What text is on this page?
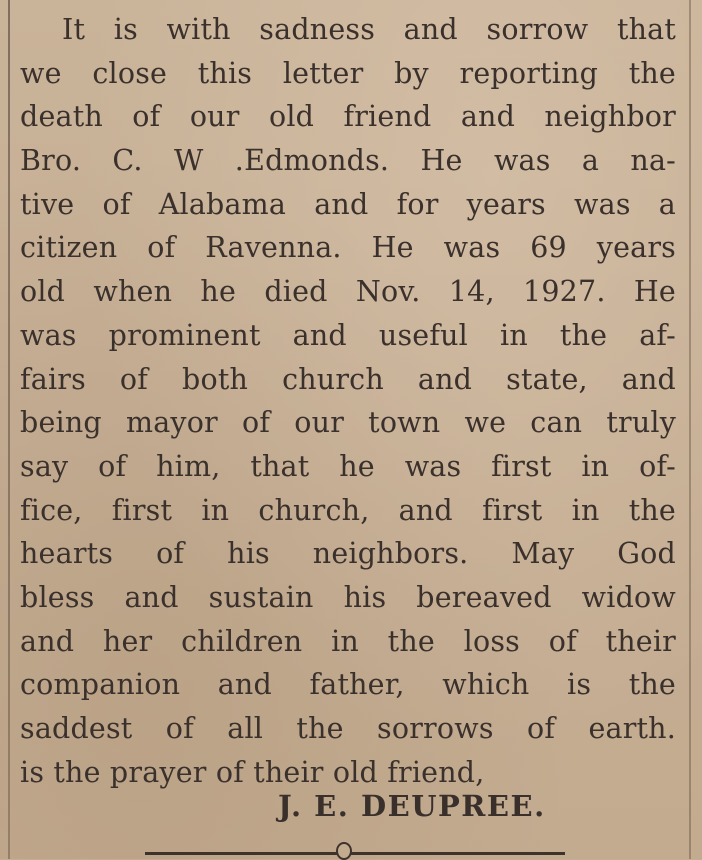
It is with sadness and sorrow that
we close this letter by reporting the
death of our old friend and neighbor
Bro. C. W .Edmonds. He was a na-
tive of Alabama and for years was a
citizen of Ravenna. He was 69 years
old when he died Nov. 14, 1927. He
was prominent and useful in the af-
fairs of both church and state, and
being mayor of our town we can truly
say of him, that he was first in of-
fice, first in church, and first in the
hearts of his neighbors. May God
bless and sustain his bereaved widow
and her children in the loss of their
companion and father, which is the
saddest of all the sorrows of earth.
is the prayer of their old friend,
J. E. DEUPREE.
